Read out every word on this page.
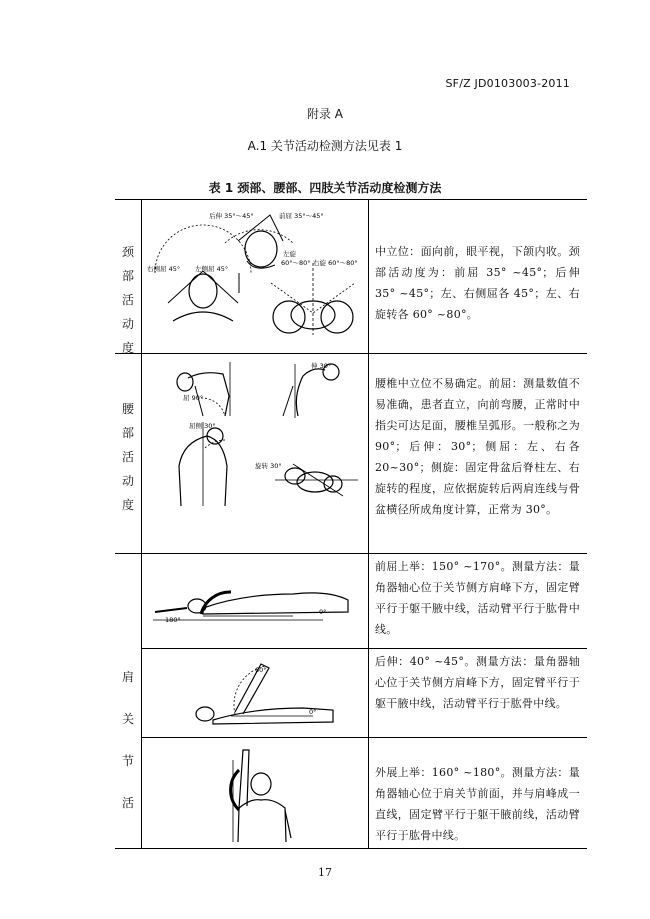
SF/Z JD0103003-2011
附录 A
A.1 关节活动检测方法见表 1
表 1 颈部、腰部、四肢关节活动度检测方法
颈
部
活
动
度
后伸 35°～45°	前屈 35°～45°
右侧屈 45° 左侧屈 45°
左旋
60°～80° 右旋 60°～80°
中立位：面向前，眼平视，下颌内收。颈部活动度为：前屈 35° ~45°；后伸 35° ~45°；左、右侧屈各 45°；左、右旋转各 60° ~80°。
腰
部
活
动
度
屈 90°
伸 30°
屈侧 30°
旋转 30°
腰椎中立位不易确定。前屈：测量数值不易准确，患者直立，向前弯腰，正常时中指尖可达足面，腰椎呈弧形。一般称之为 90°；后伸：30°；侧屈：左、右各 20~30°；侧旋：固定骨盆后脊柱左、右旋转的程度，应依据旋转后两肩连线与骨盆横径所成角度计算，正常为 30°。
肩
关
节
活
180°
0°
前屈上举：150° ~170°。测量方法：量角器轴心位于关节侧方肩峰下方，固定臂平行于躯干腋中线，活动臂平行于肱骨中线。
60°
0°
后伸：40° ~45°。测量方法：量角器轴心位于关节侧方肩峰下方，固定臂平行于躯干腋中线，活动臂平行于肱骨中线。
外展上举：160° ~180°。测量方法：量角器轴心位于肩关节前面，并与肩峰成一直线，固定臂平行于躯干腋前线，活动臂平行于肱骨中线。
17
